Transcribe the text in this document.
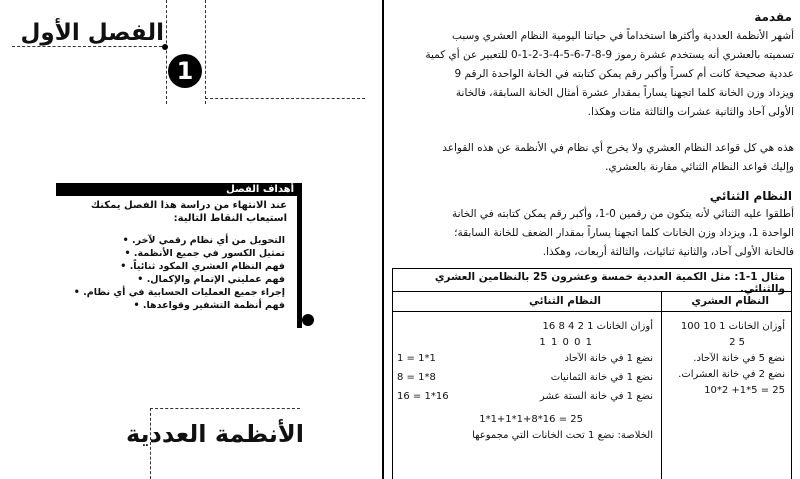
الفصل الأول
1
أهداف الفصل
عند الانتهاء من دراسة هذا الفصل يمكنك استيعاب النقاط التالية:
التحويل من أي نظام رقمي لآخر. •
تمثيل الكسور في جميع الأنظمة. •
فهم النظام العشري المكود ثنائياً. •
فهم عمليتي الإتمام والإكمال. •
إجراء جميع العمليات الحسابية في أي نظام. •
فهم أنظمة التشفير وقواعدها. •
الأنظمة العددية
مقدمة
أشهر الأنظمة العددية وأكثرها استخداماً في حياتنا اليومية النظام العشري وسبب
تسميته بالعشري أنه يستخدم عشرة رموز 9-8-7-6-5-4-3-2-1-0 للتعبير عن أي كمية
عددية صحيحة كانت أم كسراً وأكبر رقم يمكن كتابته في الخانة الواحدة الرقم 9
ويزداد وزن الخانة كلما اتجهنا يساراً بمقدار عشرة أمثال الخانة السابقة، فالخانة
الأولى آحاد والثانية عشرات والثالثة مئات وهكذا.
هذه هي كل قواعد النظام العشري ولا يخرج أي نظام في الأنظمة عن هذه القواعد
وإليك قواعد النظام الثنائي مقارنة بالعشري.
النظام الثنائي
أطلقوا عليه الثنائي لأنه يتكون من رقمين 0-1، وأكبر رقم يمكن كتابته في الخانة
الواحدة 1، ويزداد وزن الخانات كلما اتجهنا يساراً بمقدار الضعف للخانة السابقة؛
فالخانة الأولى آحاد، والثانية ثنائيات، والثالثة أربعات، وهكذا.
مثال 1-1: مثل الكمية العددية خمسة وعشرون 25 بالنظامين العشري والثنائي.
النظام العشري
النظام الثنائي
أوزان الخانات 1 10 100
5 2
نضع 5 في خانة الآحاد.
نضع 2 في خانة العشرات.
25 = 5*1+ 2*10
أوزان الخانات 1 2 4 8 16
1 0 0 1 1
نضع 1 في خانة الآحاد
1*1 = 1
نضع 1 في خانة الثمانيات
8*1 = 8
نضع 1 في خانة الستة عشر
16*1 = 16
25 = 16*1+8*1+1*1
الخلاصة: نضع 1 تحت الخانات التي مجموعها
